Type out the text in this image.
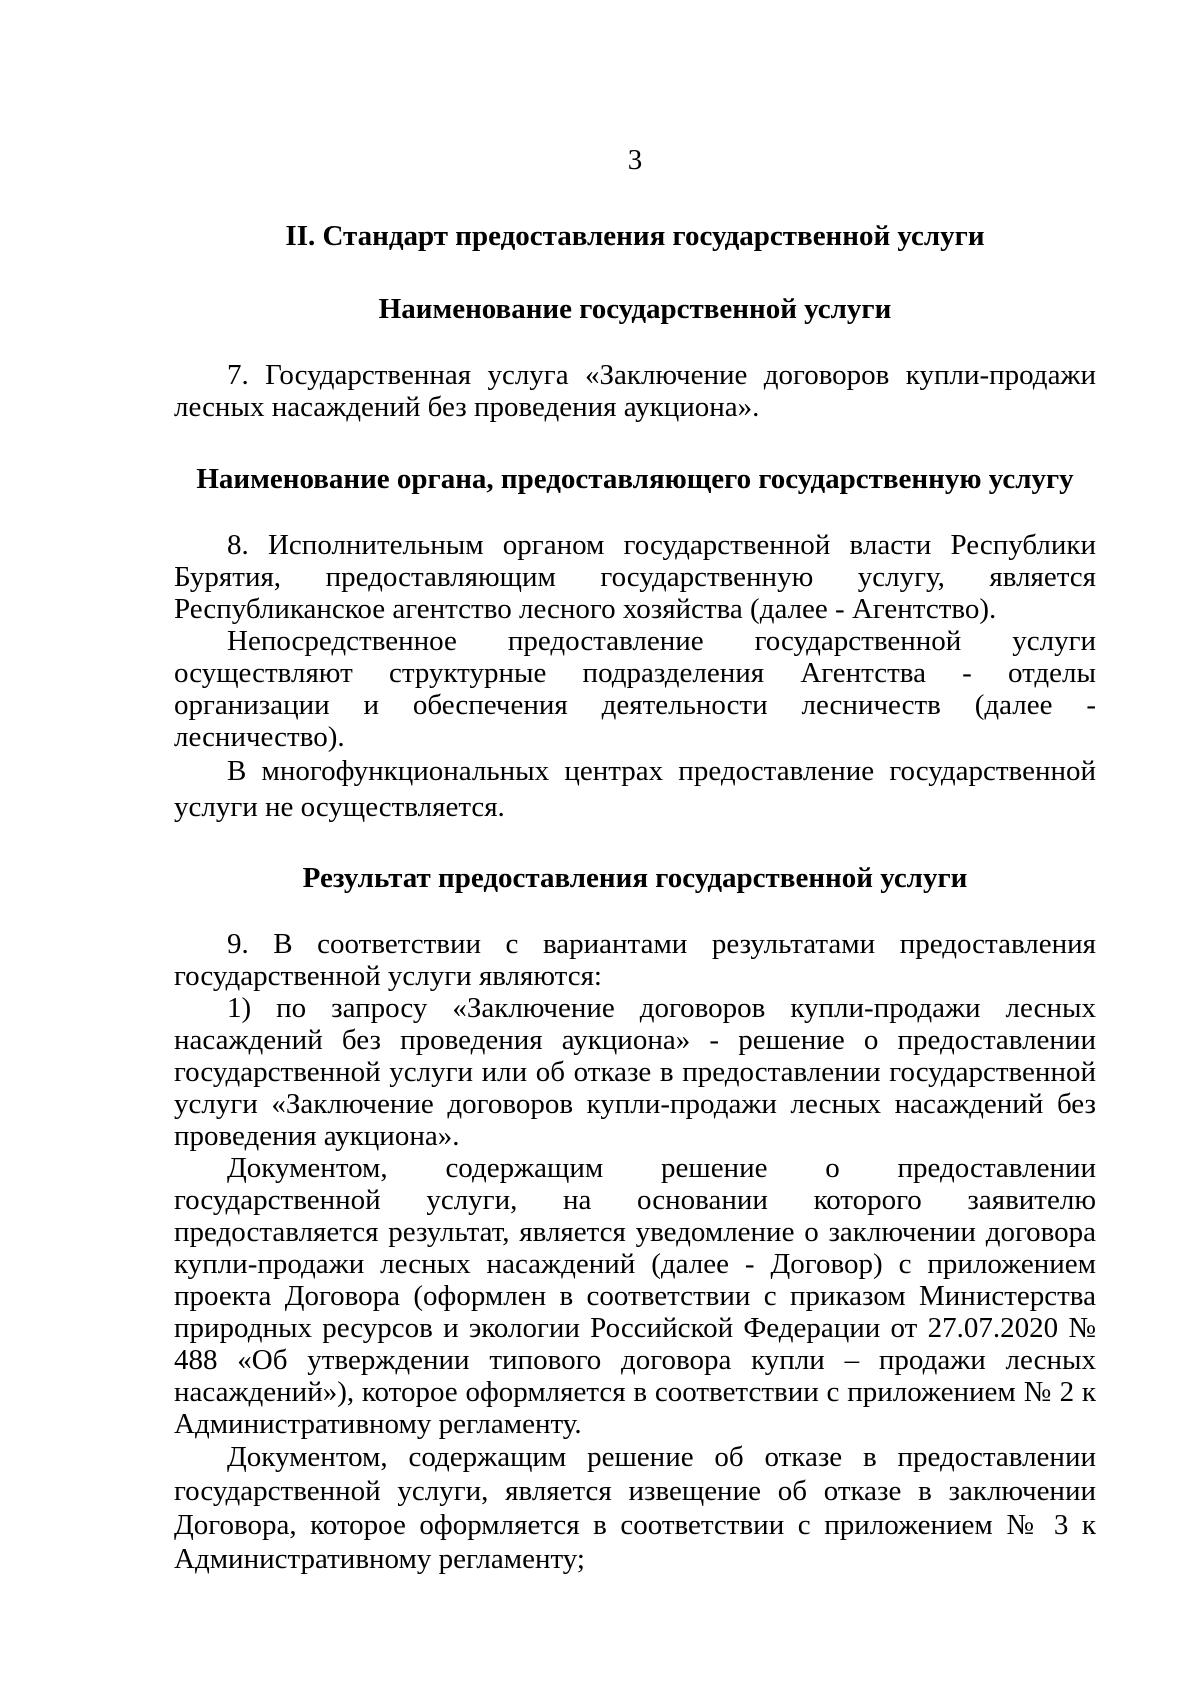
3
II. Стандарт предоставления государственной услуги
Наименование государственной услуги

7. Государственная услуга «Заключение договоров купли-продажи лесных насаждений без проведения аукциона».

Наименование органа, предоставляющего государственную услугу

8. Исполнительным органом государственной власти Республики Бурятия, предоставляющим государственную услугу, является Республиканское агентство лесного хозяйства (далее - Агентство).

Непосредственное предоставление государственной услуги осуществляют структурные подразделения Агентства - отделы организации и обеспечения деятельности лесничеств (далее - лесничество).

В многофункциональных центрах предоставление государственной услуги не осуществляется.

Результат предоставления государственной услуги

9. В соответствии с вариантами результатами предоставления государственной услуги являются:

1) по запросу «Заключение договоров купли-продажи лесных насаждений без проведения аукциона» - решение о предоставлении государственной услуги или об отказе в предоставлении государственной услуги «Заключение договоров купли-продажи лесных насаждений без проведения аукциона».

Документом, содержащим решение о предоставлении государственной услуги, на основании которого заявителю предоставляется результат, является уведомление о заключении договора купли-продажи лесных насаждений (далее - Договор) с приложением проекта Договора (оформлен в соответствии с приказом Министерства природных ресурсов и экологии Российской Федерации от 27.07.2020 № 488 «Об утверждении типового договора купли – продажи лесных насаждений»), которое оформляется в соответствии с приложением № 2 к Административному регламенту.

Документом, содержащим решение об отказе в предоставлении государственной услуги, является извещение об отказе в заключении Договора, которое оформляется в соответствии с приложением № 3 к Административному регламенту;
